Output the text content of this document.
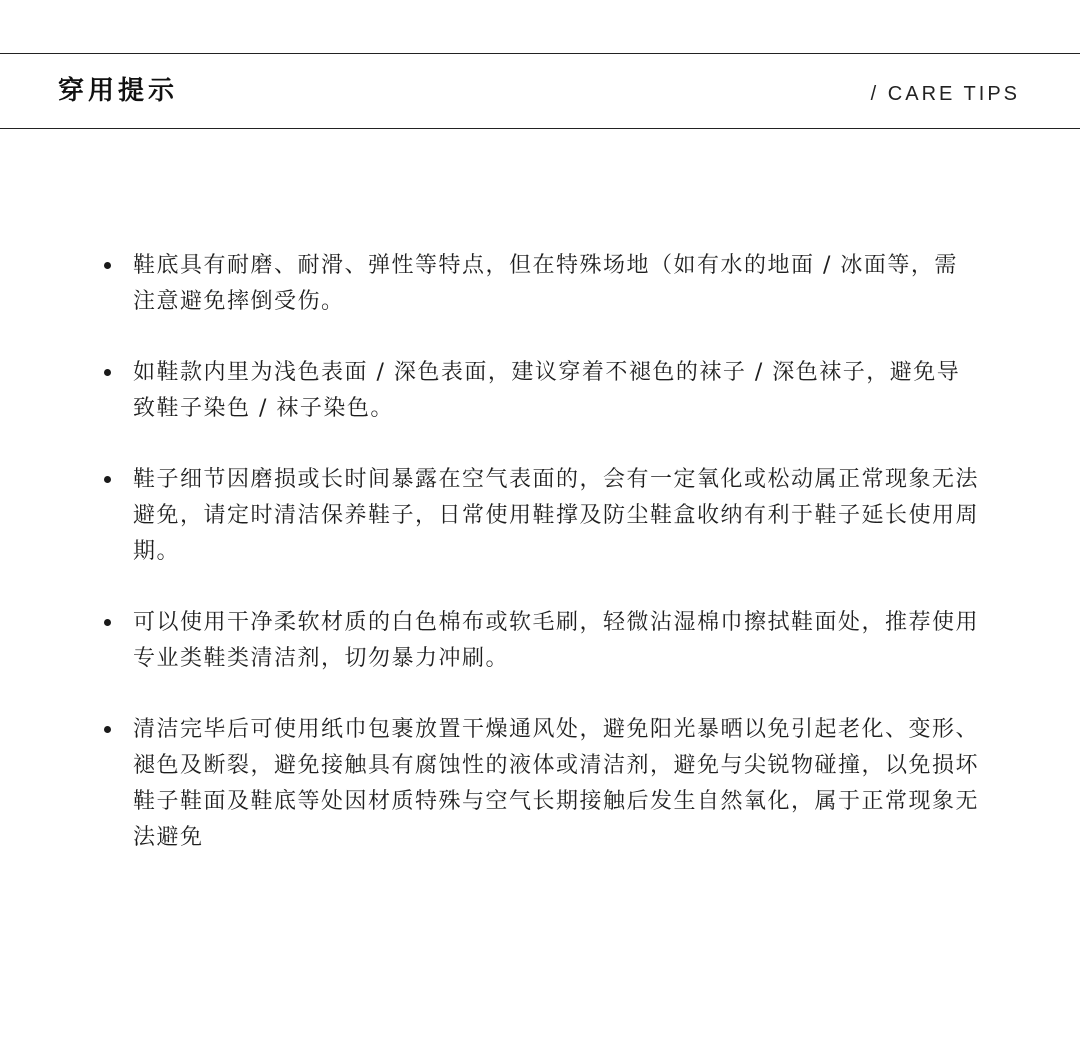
穿用提示	/ CARE TIPS
鞋底具有耐磨、耐滑、弹性等特点，但在特殊场地（如有水的地面 / 冰面等，需注意避免摔倒受伤。
如鞋款内里为浅色表面 / 深色表面，建议穿着不褪色的袜子 / 深色袜子，避免导致鞋子染色 / 袜子染色。
鞋子细节因磨损或长时间暴露在空气表面的，会有一定氧化或松动属正常现象无法避免，请定时清洁保养鞋子，日常使用鞋撑及防尘鞋盒收纳有利于鞋子延长使用周期。
可以使用干净柔软材质的白色棉布或软毛刷，轻微沾湿棉巾擦拭鞋面处，推荐使用专业类鞋类清洁剂，切勿暴力冲刷。
清洁完毕后可使用纸巾包裹放置干燥通风处，避免阳光暴晒以免引起老化、变形、褪色及断裂，避免接触具有腐蚀性的液体或清洁剂，避免与尖锐物碰撞，以免损坏鞋子鞋面及鞋底等处因材质特殊与空气长期接触后发生自然氧化，属于正常现象无法避免
